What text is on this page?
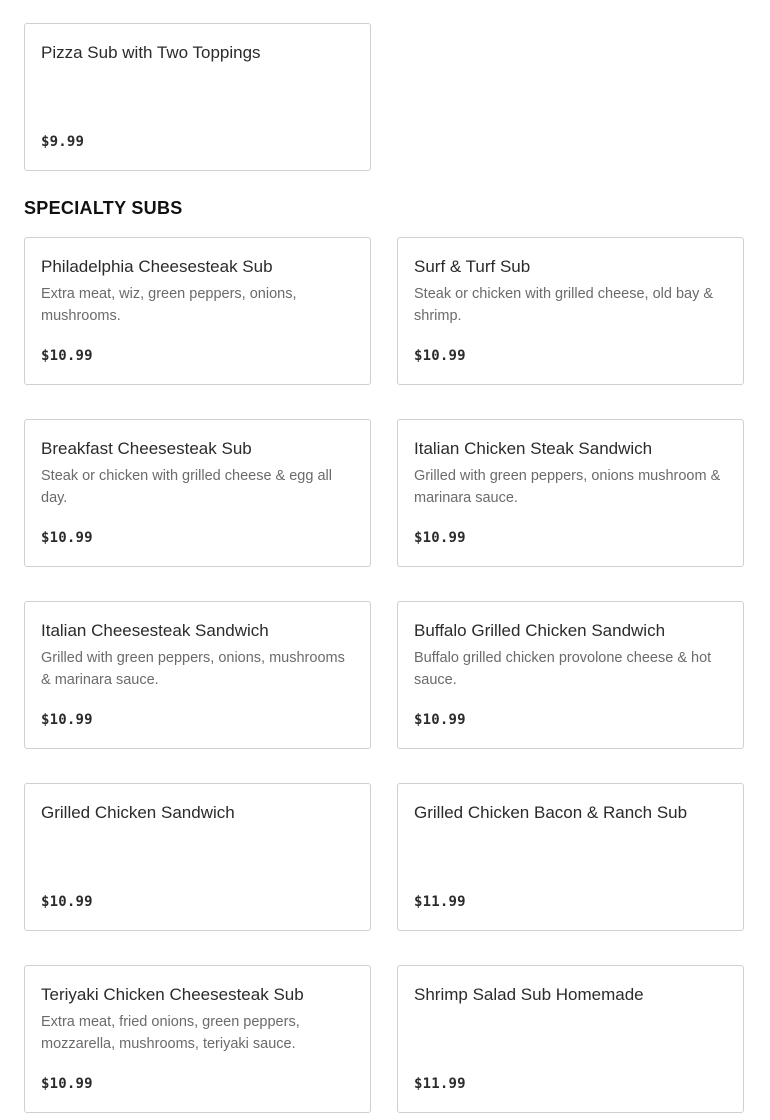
Pizza Sub with Two Toppings
$9.99
SPECIALTY SUBS
Philadelphia Cheesesteak Sub
Extra meat, wiz, green peppers, onions, mushrooms.
$10.99
Surf & Turf Sub
Steak or chicken with grilled cheese, old bay & shrimp.
$10.99
Breakfast Cheesesteak Sub
Steak or chicken with grilled cheese & egg all day.
$10.99
Italian Chicken Steak Sandwich
Grilled with green peppers, onions mushroom & marinara sauce.
$10.99
Italian Cheesesteak Sandwich
Grilled with green peppers, onions, mushrooms & marinara sauce.
$10.99
Buffalo Grilled Chicken Sandwich
Buffalo grilled chicken provolone cheese & hot sauce.
$10.99
Grilled Chicken Sandwich
$10.99
Grilled Chicken Bacon & Ranch Sub
$11.99
Teriyaki Chicken Cheesesteak Sub
Extra meat, fried onions, green peppers, mozzarella, mushrooms, teriyaki sauce.
$10.99
Shrimp Salad Sub Homemade
$11.99
